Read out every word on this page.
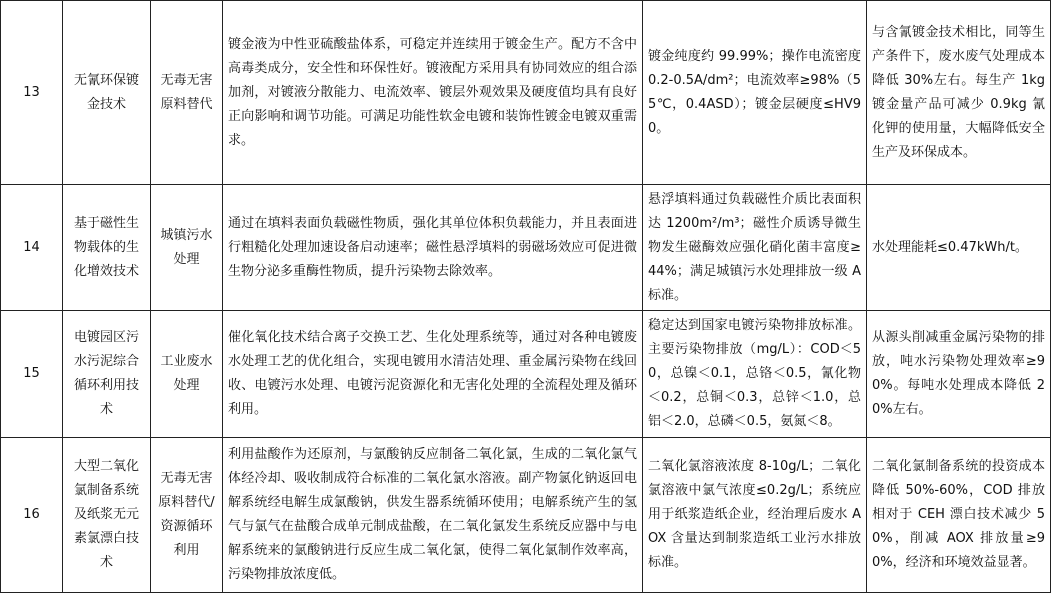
13	无氰环保镀金技术	无毒无害原料替代	镀金液为中性亚硫酸盐体系，可稳定并连续用于镀金生产。配方不含中高毒类成分，安全性和环保性好。镀液配方采用具有协同效应的组合添加剂，对镀液分散能力、电流效率、镀层外观效果及硬度值均具有良好正向影响和调节功能。可满足功能性软金电镀和装饰性镀金电镀双重需求。	镀金纯度约 99.99%；操作电流密度 0.2-0.5A/dm²；电流效率≥98%（55℃，0.4ASD）；镀金层硬度≤HV90。	与含氰镀金技术相比，同等生产条件下，废水废气处理成本降低 30%左右。每生产 1kg 镀金量产品可减少 0.9kg 氰化钾的使用量，大幅降低安全生产及环保成本。
14	基于磁性生物载体的生化增效技术	城镇污水处理	通过在填料表面负载磁性物质，强化其单位体积负载能力，并且表面进行粗糙化处理加速设备启动速率；磁性悬浮填料的弱磁场效应可促进微生物分泌多重酶性物质，提升污染物去除效率。	悬浮填料通过负载磁性介质比表面积达 1200m²/m³；磁性介质诱导微生物发生磁酶效应强化硝化菌丰富度≥44%；满足城镇污水处理排放一级 A 标准。	水处理能耗≤0.47kWh/t。
15	电镀园区污水污泥综合循环利用技术	工业废水处理	催化氧化技术结合离子交换工艺、生化处理系统等，通过对各种电镀废水处理工艺的优化组合，实现电镀用水清洁处理、重金属污染物在线回收、电镀污水处理、电镀污泥资源化和无害化处理的全流程处理及循环利用。	稳定达到国家电镀污染物排放标准。主要污染物排放（mg/L）：COD＜50，总镍＜0.1，总铬＜0.5，氰化物＜0.2，总铜＜0.3，总锌＜1.0，总铝＜2.0，总磷＜0.5，氨氮＜8。	从源头削减重金属污染物的排放，吨水污染物处理效率≥90%。每吨水处理成本降低 20%左右。
16	大型二氧化氯制备系统及纸浆无元素氯漂白技术	无毒无害原料替代/资源循环利用	利用盐酸作为还原剂，与氯酸钠反应制备二氧化氯，生成的二氧化氯气体经冷却、吸收制成符合标准的二氧化氯水溶液。副产物氯化钠返回电解系统经电解生成氯酸钠，供发生器系统循环使用；电解系统产生的氢气与氯气在盐酸合成单元制成盐酸，在二氧化氯发生系统反应器中与电解系统来的氯酸钠进行反应生成二氧化氯，使得二氧化氯制作效率高，污染物排放浓度低。	二氧化氯溶液浓度 8-10g/L；二氧化氯溶液中氯气浓度≤0.2g/L；系统应用于纸浆造纸企业，经治理后废水 AOX 含量达到制浆造纸工业污水排放标准。	二氧化氯制备系统的投资成本降低 50%-60%，COD 排放相对于 CEH 漂白技术减少 50%，削减 AOX 排放量≥90%，经济和环境效益显著。
